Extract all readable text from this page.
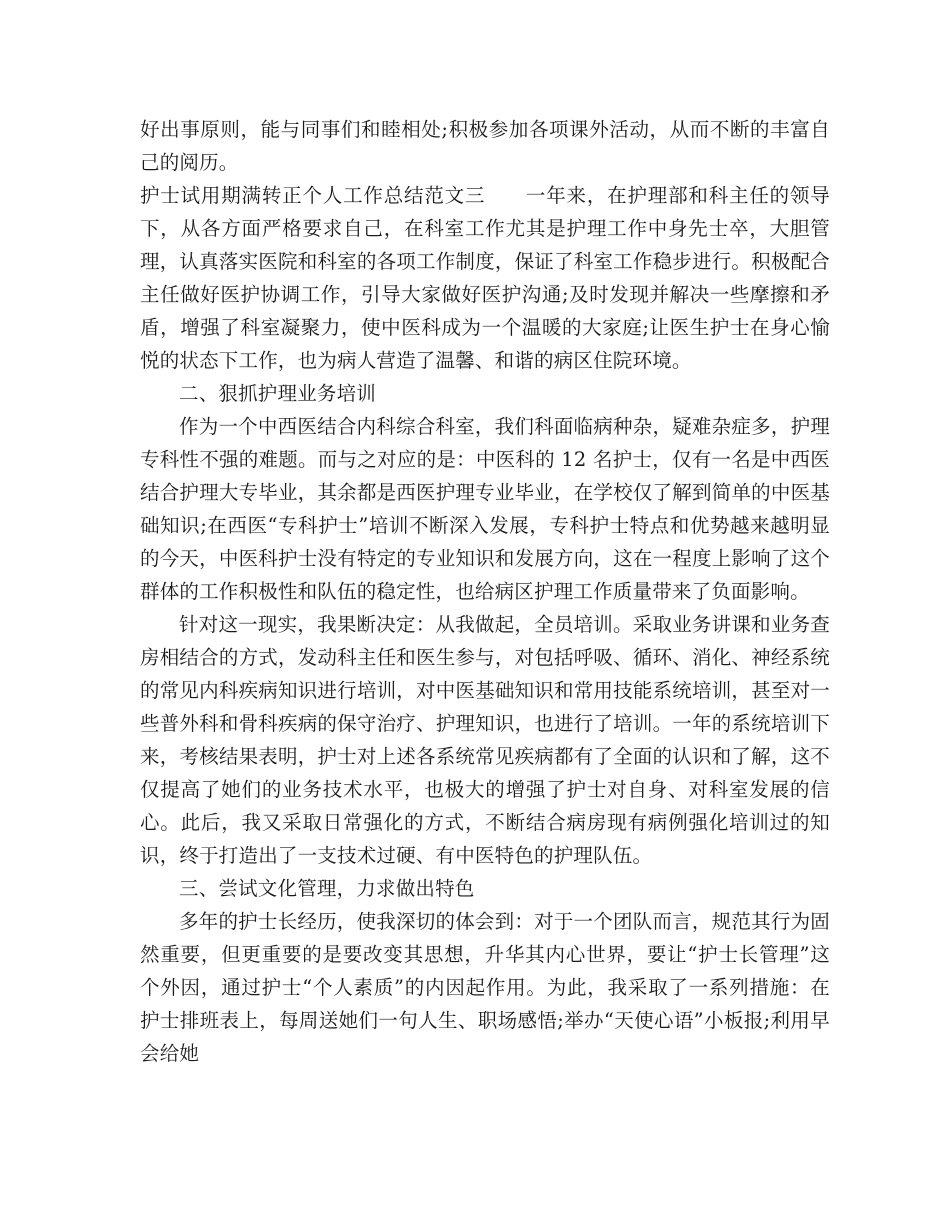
好出事原则，能与同事们和睦相处;积极参加各项课外活动，从而不断的丰富自己的阅历。

护士试用期满转正个人工作总结范文三 一年来，在护理部和科主任的领导下，从各方面严格要求自己，在科室工作尤其是护理工作中身先士卒，大胆管理，认真落实医院和科室的各项工作制度，保证了科室工作稳步进行。积极配合主任做好医护协调工作，引导大家做好医护沟通;及时发现并解决一些摩擦和矛盾，增强了科室凝聚力，使中医科成为一个温暖的大家庭;让医生护士在身心愉悦的状态下工作，也为病人营造了温馨、和谐的病区住院环境。

二、狠抓护理业务培训

作为一个中西医结合内科综合科室，我们科面临病种杂，疑难杂症多，护理专科性不强的难题。而与之对应的是：中医科的 12 名护士，仅有一名是中西医结合护理大专毕业，其余都是西医护理专业毕业，在学校仅了解到简单的中医基础知识;在西医“专科护士”培训不断深入发展，专科护士特点和优势越来越明显的今天，中医科护士没有特定的专业知识和发展方向，这在一程度上影响了这个群体的工作积极性和队伍的稳定性，也给病区护理工作质量带来了负面影响。

针对这一现实，我果断决定：从我做起，全员培训。采取业务讲课和业务查房相结合的方式，发动科主任和医生参与，对包括呼吸、循环、消化、神经系统的常见内科疾病知识进行培训，对中医基础知识和常用技能系统培训，甚至对一些普外科和骨科疾病的保守治疗、护理知识，也进行了培训。一年的系统培训下来，考核结果表明，护士对上述各系统常见疾病都有了全面的认识和了解，这不仅提高了她们的业务技术水平，也极大的增强了护士对自身、对科室发展的信心。此后，我又采取日常强化的方式，不断结合病房现有病例强化培训过的知识，终于打造出了一支技术过硬、有中医特色的护理队伍。

三、尝试文化管理，力求做出特色

多年的护士长经历，使我深切的体会到：对于一个团队而言，规范其行为固然重要，但更重要的是要改变其思想，升华其内心世界，要让“护士长管理”这个外因，通过护士“个人素质”的内因起作用。为此，我采取了一系列措施：在护士排班表上，每周送她们一句人生、职场感悟;举办“天使心语”小板报;利用早会给她
